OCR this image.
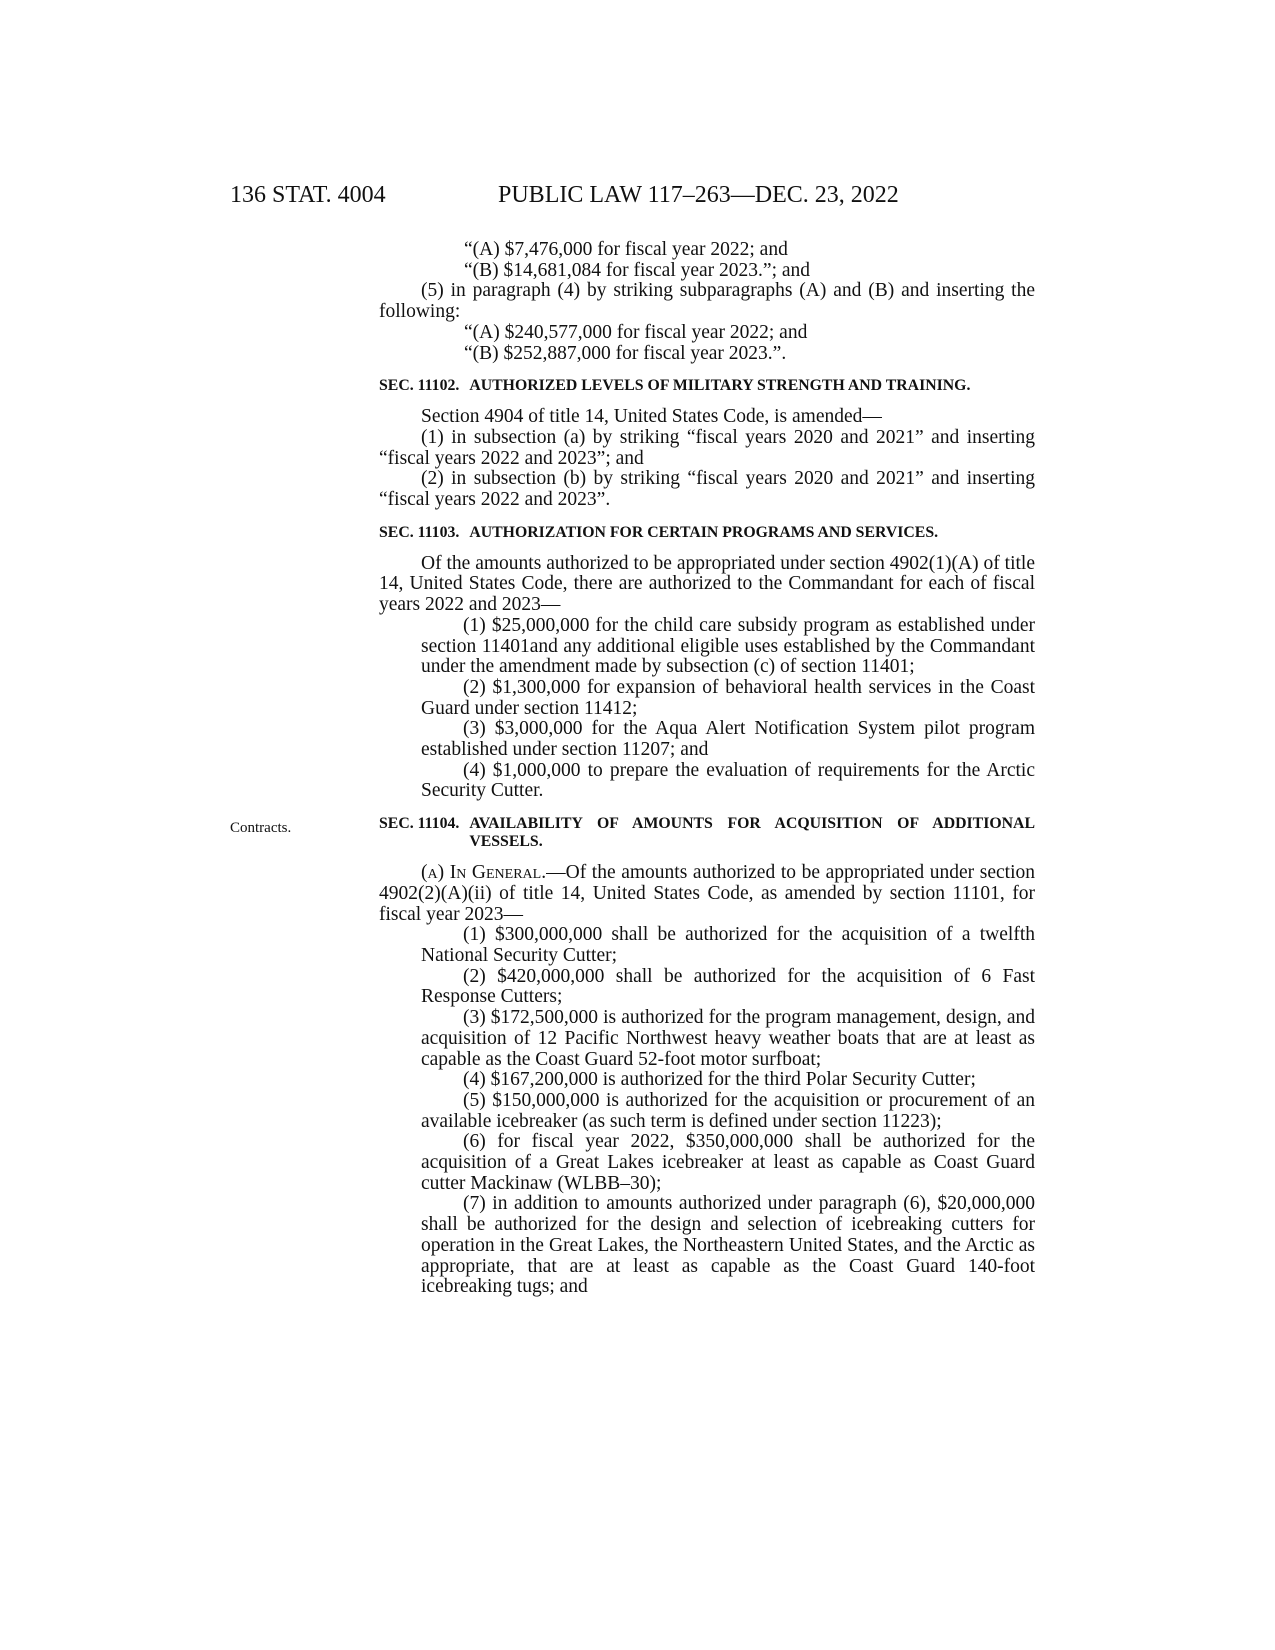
136 STAT. 4004	PUBLIC LAW 117–263—DEC. 23, 2022
Contracts.

“(A) $7,476,000 for fiscal year 2022; and

“(B) $14,681,084 for fiscal year 2023.”; and

(5) in paragraph (4) by striking subparagraphs (A) and (B) and inserting the following:

“(A) $240,577,000 for fiscal year 2022; and

“(B) $252,887,000 for fiscal year 2023.”.

SEC. 11102. AUTHORIZED LEVELS OF MILITARY STRENGTH AND TRAINING.

Section 4904 of title 14, United States Code, is amended—

(1) in subsection (a) by striking “fiscal years 2020 and 2021” and inserting “fiscal years 2022 and 2023”; and

(2) in subsection (b) by striking “fiscal years 2020 and 2021” and inserting “fiscal years 2022 and 2023”.

SEC. 11103. AUTHORIZATION FOR CERTAIN PROGRAMS AND SERVICES.

Of the amounts authorized to be appropriated under section 4902(1)(A) of title 14, United States Code, there are authorized to the Commandant for each of fiscal years 2022 and 2023—

(1) $25,000,000 for the child care subsidy program as established under section 11401and any additional eligible uses established by the Commandant under the amendment made by subsection (c) of section 11401;

(2) $1,300,000 for expansion of behavioral health services in the Coast Guard under section 11412;

(3) $3,000,000 for the Aqua Alert Notification System pilot program established under section 11207; and

(4) $1,000,000 to prepare the evaluation of requirements for the Arctic Security Cutter.

SEC. 11104. AVAILABILITY OF AMOUNTS FOR ACQUISITION OF ADDITIONAL VESSELS.

(a) In General.—Of the amounts authorized to be appropriated under section 4902(2)(A)(ii) of title 14, United States Code, as amended by section 11101, for fiscal year 2023—

(1) $300,000,000 shall be authorized for the acquisition of a twelfth National Security Cutter;

(2) $420,000,000 shall be authorized for the acquisition of 6 Fast Response Cutters;

(3) $172,500,000 is authorized for the program management, design, and acquisition of 12 Pacific Northwest heavy weather boats that are at least as capable as the Coast Guard 52-foot motor surfboat;

(4) $167,200,000 is authorized for the third Polar Security Cutter;

(5) $150,000,000 is authorized for the acquisition or procurement of an available icebreaker (as such term is defined under section 11223);

(6) for fiscal year 2022, $350,000,000 shall be authorized for the acquisition of a Great Lakes icebreaker at least as capable as Coast Guard cutter Mackinaw (WLBB–30);

(7) in addition to amounts authorized under paragraph (6), $20,000,000 shall be authorized for the design and selection of icebreaking cutters for operation in the Great Lakes, the Northeastern United States, and the Arctic as appropriate, that are at least as capable as the Coast Guard 140-foot icebreaking tugs; and
